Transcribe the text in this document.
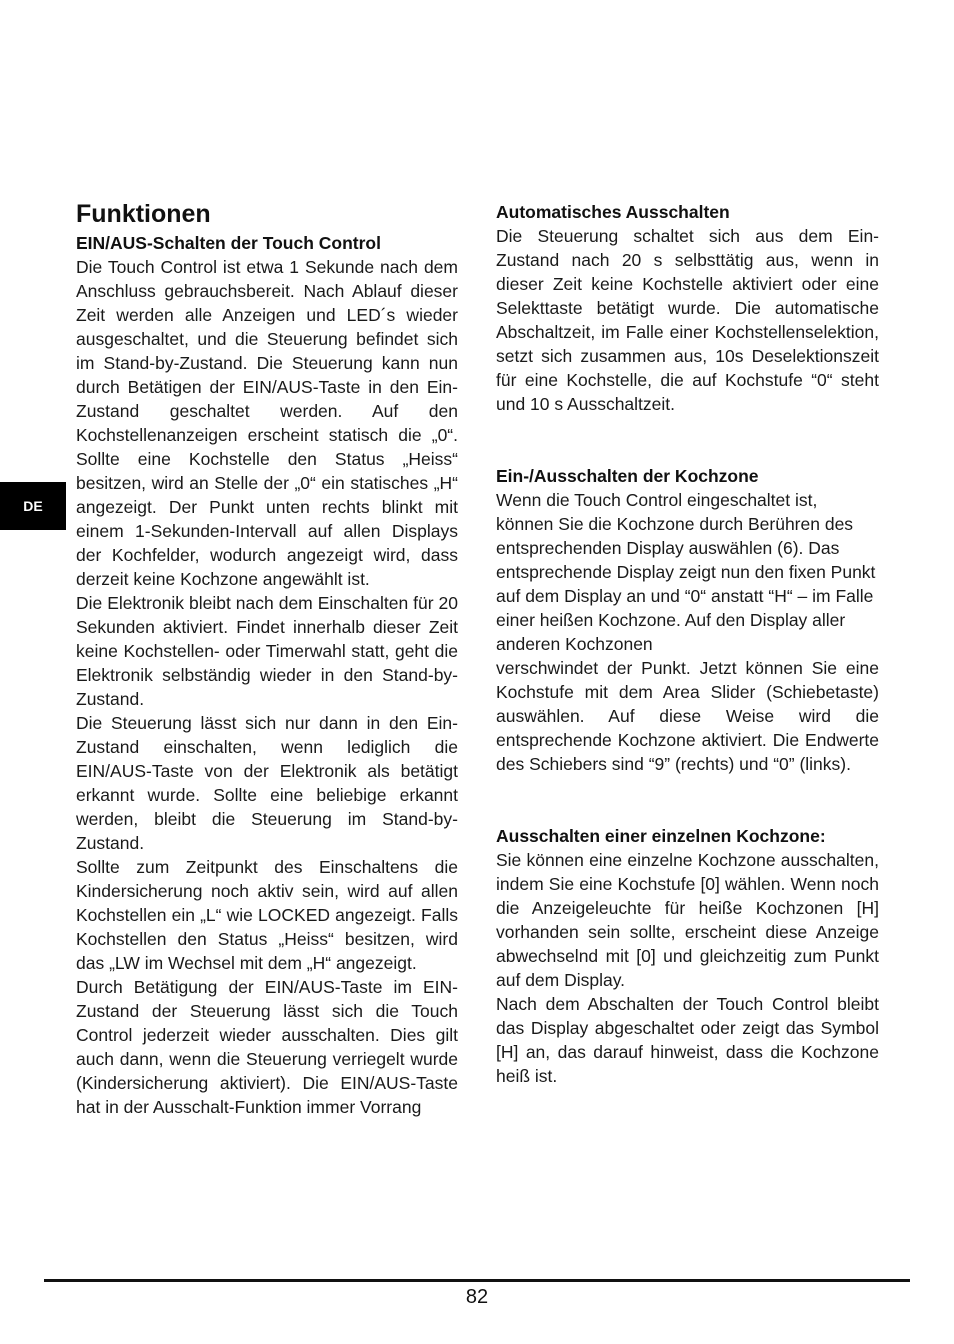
DE
Funktionen
EIN/AUS-Schalten der Touch Control

Die Touch Control ist etwa 1 Sekunde nach dem Anschluss gebrauchsbereit. Nach Ablauf dieser Zeit werden alle Anzeigen und LED´s wieder ausgeschaltet, und die Steuerung befindet sich im Stand-by-Zustand. Die Steuerung kann nun durch Betätigen der EIN/AUS-Taste in den Ein-Zustand geschaltet werden. Auf den Kochstellenanzeigen erscheint statisch die „0“. Sollte eine Kochstelle den Status „Heiss“ besitzen, wird an Stelle der „0“ ein statisches „H“ angezeigt. Der Punkt unten rechts blinkt mit einem 1-Sekunden-Intervall auf allen Displays der Kochfelder, wodurch angezeigt wird, dass derzeit keine Kochzone angewählt ist.

Die Elektronik bleibt nach dem Einschalten für 20 Sekunden aktiviert. Findet innerhalb dieser Zeit keine Kochstellen- oder Timerwahl statt, geht die Elektronik selbständig wieder in den Stand-by-Zustand.

Die Steuerung lässt sich nur dann in den Ein-Zustand einschalten, wenn lediglich die EIN/AUS-Taste von der Elektronik als betätigt erkannt wurde. Sollte eine beliebige erkannt werden, bleibt die Steuerung im Stand-by-Zustand.

Sollte zum Zeitpunkt des Einschaltens die Kindersicherung noch aktiv sein, wird auf allen Kochstellen ein „L“ wie LOCKED angezeigt. Falls Kochstellen den Status „Heiss“ besitzen, wird das „LW im Wechsel mit dem „H“ angezeigt.

Durch Betätigung der EIN/AUS-Taste im EIN-Zustand der Steuerung lässt sich die Touch Control jederzeit wieder ausschalten. Dies gilt auch dann, wenn die Steuerung verriegelt wurde (Kindersicherung aktiviert). Die EIN/AUS-Taste hat in der Ausschalt-Funktion immer Vorrang

Automatisches Ausschalten

Die Steuerung schaltet sich aus dem Ein-Zustand nach 20 s selbsttätig aus, wenn in dieser Zeit keine Kochstelle aktiviert oder eine Selekttaste betätigt wurde. Die automatische Abschaltzeit, im Falle einer Kochstellenselektion, setzt sich zusammen aus, 10s Deselektionszeit für eine Kochstelle, die auf Kochstufe “0“ steht und 10 s Ausschaltzeit.

Ein-/Ausschalten der Kochzone

Wenn die Touch Control eingeschaltet ist, können Sie die Kochzone durch Berühren des entsprechenden Display auswählen (6). Das entsprechende Display zeigt nun den fixen Punkt auf dem Display an und “0“ anstatt “H“ – im Falle einer heißen Kochzone. Auf den Display aller anderen Kochzonen

verschwindet der Punkt. Jetzt können Sie eine Kochstufe mit dem Area Slider (Schiebetaste) auswählen. Auf diese Weise wird die entsprechende Kochzone aktiviert. Die Endwerte des Schiebers sind “9” (rechts) und “0” (links).

Ausschalten einer einzelnen Kochzone:

Sie können eine einzelne Kochzone ausschalten, indem Sie eine Kochstufe [0] wählen. Wenn noch die Anzeigeleuchte für heiße Kochzonen [H] vorhanden sein sollte, erscheint diese Anzeige abwechselnd mit [0] und gleichzeitig zum Punkt auf dem Display.

Nach dem Abschalten der Touch Control bleibt das Display abgeschaltet oder zeigt das Symbol [H] an, das darauf hinweist, dass die Kochzone heiß ist.

82
